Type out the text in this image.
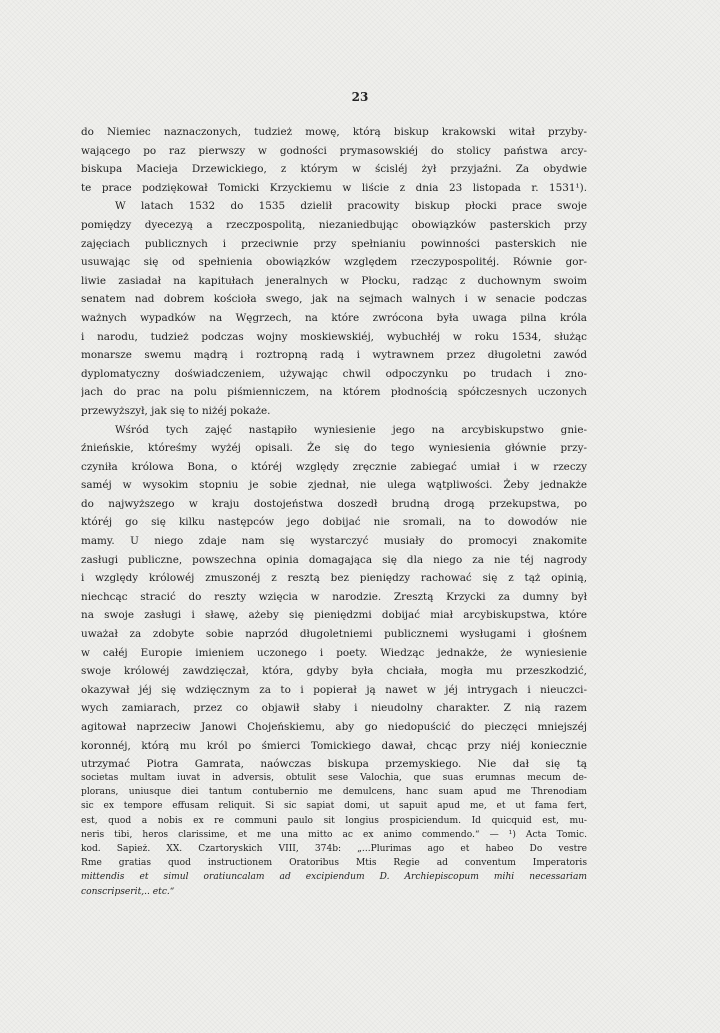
23
do Niemiec naznaczonych, tudzież mowę, którą biskup krakowski witał przyby-
wającego po raz pierwszy w godności prymasowskiéj do stolicy państwa arcy-
biskupa Macieja Drzewickiego, z którym w ścisléj żył przyjaźni. Za obydwie
te prace podziękował Tomicki Krzyckiemu w liście z dnia 23 listopada r. 1531¹).
W latach 1532 do 1535 dzielił pracowity biskup płocki prace swoje
pomiędzy dyecezyą a rzeczpospolitą, niezaniedbując obowiązków pasterskich przy
zajęciach publicznych i przeciwnie przy spełnianiu powinności pasterskich nie
usuwając się od spełnienia obowiązków względem rzeczypospolitéj. Równie gor-
liwie zasiadał na kapitułach jeneralnych w Płocku, radząc z duchownym swoim
senatem nad dobrem kościoła swego, jak na sejmach walnych i w senacie podczas
ważnych wypadków na Węgrzech, na które zwrócona była uwaga pilna króla
i narodu, tudzież podczas wojny moskiewskiéj, wybuchłéj w roku 1534, służąc
monarsze swemu mądrą i roztropną radą i wytrawnem przez długoletni zawód
dyplomatyczny doświadczeniem, używając chwil odpoczynku po trudach i zno-
jach do prac na polu piśmienniczem, na którem płodnością spółczesnych uczonych
przewyższył, jak się to niżéj pokaże.
Wśród tych zajęć nastąpiło wyniesienie jego na arcybiskupstwo gnie-
źnieńskie, któreśmy wyżéj opisali. Że się do tego wyniesienia głównie przy-
czyniła królowa Bona, o któréj względy zręcznie zabiegać umiał i w rzeczy
saméj w wysokim stopniu je sobie zjednał, nie ulega wątpliwości. Żeby jednakże
do najwyższego w kraju dostojeństwa doszedł brudną drogą przekupstwa, po
któréj go się kilku następców jego dobijać nie sromali, na to dowodów nie
mamy. U niego zdaje nam się wystarczyć musiały do promocyi znakomite
zasługi publiczne, powszechna opinia domagająca się dla niego za nie téj nagrody
i względy królowéj zmuszonéj z resztą bez pieniędzy rachować się z tąż opinią,
niechcąc stracić do reszty wzięcia w narodzie. Zresztą Krzycki za dumny był
na swoje zasługi i sławę, ażeby się pieniędzmi dobijać miał arcybiskupstwa, które
uważał za zdobyte sobie naprzód długoletniemi publicznemi wysługami i głośnem
w całéj Europie imieniem uczonego i poety. Wiedząc jednakże, że wyniesienie
swoje królowéj zawdzięczał, która, gdyby była chciała, mogła mu przeszkodzić,
okazywał jéj się wdzięcznym za to i popierał ją nawet w jéj intrygach i nieuczci-
wych zamiarach, przez co objawił słaby i nieudolny charakter. Z nią razem
agitował naprzeciw Janowi Chojeńskiemu, aby go niedopuścić do pieczęci mniejszéj
koronnéj, którą mu król po śmierci Tomickiego dawał, chcąc przy niéj koniecznie
utrzymać Piotra Gamrata, naówczas biskupa przemyskiego. Nie dał się tą
societas multam iuvat in adversis, obtulit sese Valochia, que suas erumnas mecum de-
plorans, uniusque diei tantum contubernio me demulcens, hanc suam apud me Threnodiam
sic ex tempore effusam reliquit. Si sic sapiat domi, ut sapuit apud me, et ut fama fert,
est, quod a nobis ex re communi paulo sit longius prospiciendum. Id quicquid est, mu-
neris tibi, heros clarissime, et me una mitto ac ex animo commendo.“ — ¹) Acta Tomic.
kod. Sapież. XX. Czartoryskich VIII, 374b: „...Plurimas ago et habeo Do vestre
Rme gratias quod instructionem Oratoribus Mtis Regie ad conventum Imperatoris
mittendis et simul oratiuncalam ad excipiendum D. Archiepiscopum mihi necessariam
conscripserit,.. etc.“
